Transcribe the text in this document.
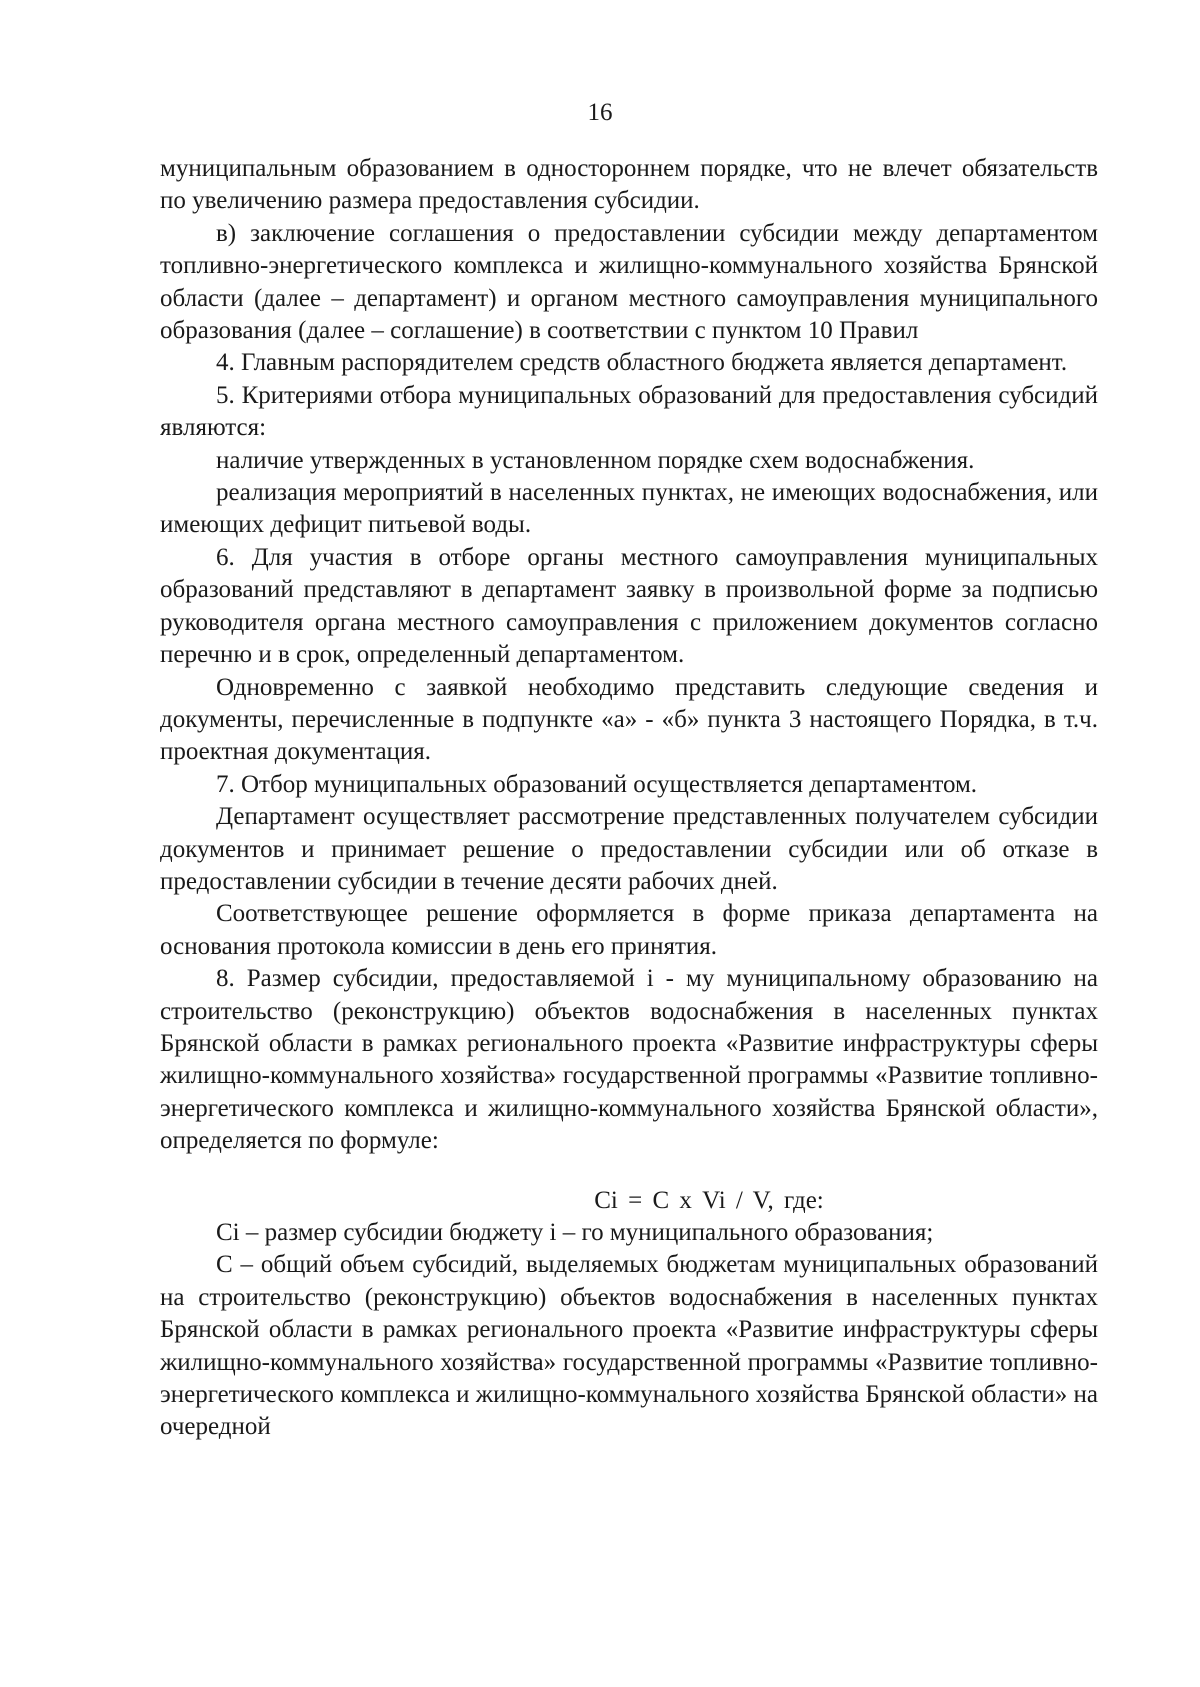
16

муниципальным образованием в одностороннем порядке, что не влечет обязательств по увеличению размера предоставления субсидии.

в) заключение соглашения о предоставлении субсидии между департаментом топливно-энергетического комплекса и жилищно-коммунального хозяйства Брянской области (далее – департамент) и органом местного самоуправления муниципального образования (далее – соглашение) в соответствии с пунктом 10 Правил

4. Главным распорядителем средств областного бюджета является департамент.

5. Критериями отбора муниципальных образований для предоставления субсидий являются:

наличие утвержденных в установленном порядке схем водоснабжения.

реализация мероприятий в населенных пунктах, не имеющих водоснабжения, или имеющих дефицит питьевой воды.

6. Для участия в отборе органы местного самоуправления муниципальных образований представляют в департамент заявку в произвольной форме за подписью руководителя органа местного самоуправления с приложением документов согласно перечню и в срок, определенный департаментом.

Одновременно с заявкой необходимо представить следующие сведения и документы, перечисленные в подпункте «а» - «б» пункта 3 настоящего Порядка, в т.ч. проектная документация.

7. Отбор муниципальных образований осуществляется департаментом.

Департамент осуществляет рассмотрение представленных получателем субсидии документов и принимает решение о предоставлении субсидии или об отказе в предоставлении субсидии в течение десяти рабочих дней.

Соответствующее решение оформляется в форме приказа департамента на основания протокола комиссии в день его принятия.

8. Размер субсидии, предоставляемой i - му муниципальному образованию на строительство (реконструкцию) объектов водоснабжения в населенных пунктах Брянской области в рамках регионального проекта «Развитие инфраструктуры сферы жилищно-коммунального хозяйства» государственной программы «Развитие топливно-энергетического комплекса и жилищно-коммунального хозяйства Брянской области», определяется по формуле:

Ci = С х Vi / V, где:

Ci – размер субсидии бюджету i – го муниципального образования;

С – общий объем субсидий, выделяемых бюджетам муниципальных образований на строительство (реконструкцию) объектов водоснабжения в населенных пунктах Брянской области в рамках регионального проекта «Развитие инфраструктуры сферы жилищно-коммунального хозяйства» государственной программы «Развитие топливно-энергетического комплекса и жилищно-коммунального хозяйства Брянской области» на очередной
